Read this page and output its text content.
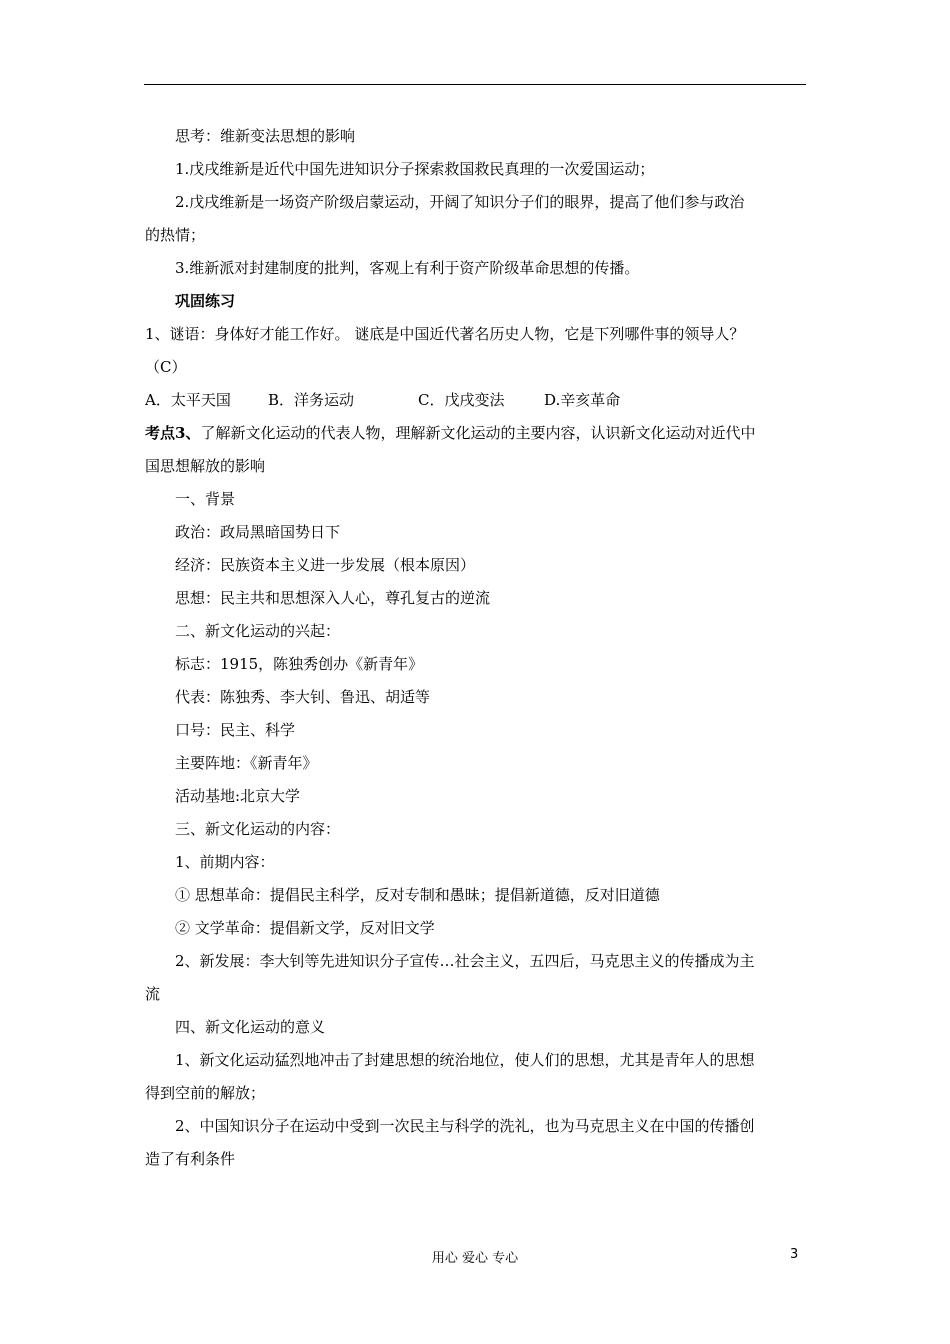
思考：维新变法思想的影响
1.戊戌维新是近代中国先进知识分子探索救国救民真理的一次爱国运动；
2.戊戌维新是一场资产阶级启蒙运动，开阔了知识分子们的眼界，提高了他们参与政治
的热情；
3.维新派对封建制度的批判，客观上有利于资产阶级革命思想的传播。
巩固练习
1、谜语：身体好才能工作好。 谜底是中国近代著名历史人物，它是下列哪件事的领导人？
（C）
A．太平天国 B．洋务运动	C．戊戌变法	D.辛亥革命
考点3、了解新文化运动的代表人物，理解新文化运动的主要内容，认识新文化运动对近代中
国思想解放的影响
一、背景
政治：政局黑暗国势日下
经济：民族资本主义进一步发展（根本原因）
思想：民主共和思想深入人心，尊孔复古的逆流
二、新文化运动的兴起：
标志：1915，陈独秀创办《新青年》
代表：陈独秀、李大钊、鲁迅、胡适等
口号：民主、科学
主要阵地：《新青年》
活动基地:北京大学
三、新文化运动的内容：
1、前期内容：
① 思想革命：提倡民主科学，反对专制和愚昧；提倡新道德，反对旧道德
② 文学革命：提倡新文学，反对旧文学
2、新发展：李大钊等先进知识分子宣传…社会主义，五四后，马克思主义的传播成为主
流
四、新文化运动的意义
1、新文化运动猛烈地冲击了封建思想的统治地位，使人们的思想，尤其是青年人的思想
得到空前的解放；
2、中国知识分子在运动中受到一次民主与科学的洗礼，也为马克思主义在中国的传播创
造了有利条件
用心 爱心 专心	3
